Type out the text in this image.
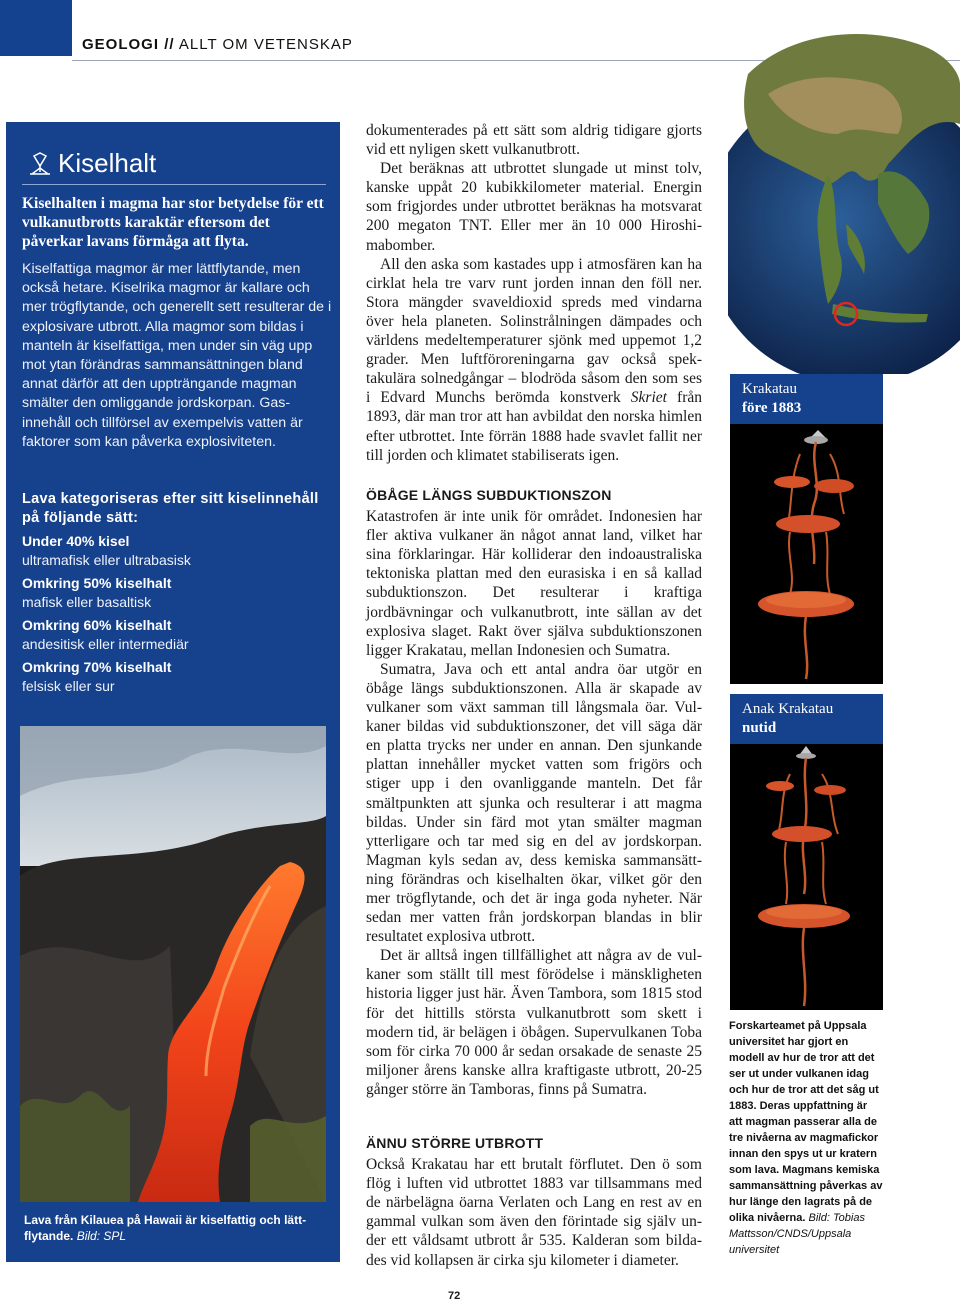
GEOLOGI // ALLT OM VETENSKAP
Kiselhalt

Kiselhalten i magma har stor betydelse för ett vulkanutbrotts karaktär eftersom det påverkar lavans förmåga att flyta.

Kiselfattiga magmor är mer lättflytande, men också hetare. Kiselrika magmor är kallare och mer trögflytande, och generellt sett resulterar de i explosivare utbrott. Alla magmor som bildas i manteln är kiselfattiga, men under sin väg upp mot ytan förändras sammansättningen bland annat därför att den uppträngande magman smälter den omliggande jordskorpan. Gasinnehåll och tillförsel av exempelvis vatten är faktorer som kan påverka explosiviteten.

Lava kategoriseras efter sitt kiselinnehåll på följande sätt:
Under 40% kisel
ultramafisk eller ultrabasisk
Omkring 50% kiselhalt
mafisk eller basaltisk
Omkring 60% kiselhalt
andesitisk eller intermediär
Omkring 70% kiselhalt
felsisk eller sur

Lava från Kilauea på Hawaii är kiselfattig och lättflytande. Bild: SPL

dokumenterades på ett sätt som aldrig tidigare gjorts vid ett nyligen skett vulkanutbrott.

Det beräknas att utbrottet slungade ut minst tolv, kanske uppåt 20 kubikkilometer material. Energin som frigjordes under utbrottet beräknas ha motsvarat 200 megaton TNT. Eller mer än 10 000 Hiroshimabomber.

All den aska som kastades upp i atmosfären kan ha cirklat hela tre varv runt jorden innan den föll ner. Stora mängder svaveldioxid spreds med vindarna över hela planeten. Solinstrålningen dämpades och världens medeltemperaturer sjönk med uppemot 1,2 grader. Men luftföroreningarna gav också spektakulära solnedgångar – blodröda såsom den som ses i Edvard Munchs berömda konstverk Skriet från 1893, där man tror att han avbildat den norska himlen efter utbrottet. Inte förrän 1888 hade svavlet fallit ner till jorden och klimatet stabiliserats igen.

ÖBÅGE LÄNGS SUBDUKTIONSZON

Katastrofen är inte unik för området. Indonesien har fler aktiva vulkaner än något annat land, vilket har sina förklaringar. Här kolliderar den indoaustraliska tektoniska plattan med den eurasiska i en så kallad subduktionszon. Det resulterar i kraftiga jordbävningar och vulkanutbrott, inte sällan av det explosiva slaget. Rakt över själva subduktionszonen ligger Krakatau, mellan Indonesien och Sumatra.

Sumatra, Java och ett antal andra öar utgör en öbåge längs subduktionszonen. Alla är skapade av vulkaner som växt samman till långsmala öar. Vulkaner bildas vid subduktionszoner, det vill säga där en platta trycks ner under en annan. Den sjunkande plattan innehåller mycket vatten som frigörs och stiger upp i den ovanliggande manteln. Det får smältpunkten att sjunka och resulterar i att magma bildas. Under sin färd mot ytan smälter magman ytterligare och tar med sig en del av jordskorpan. Magman kyls sedan av, dess kemiska sammansättning förändras och kiselhalten ökar, vilket gör den mer trögflytande, och det är inga goda nyheter. När sedan mer vatten från jordskorpan blandas in blir resultatet explosiva utbrott.

Det är alltså ingen tillfällighet att några av de vulkaner som ställt till mest förödelse i mänskligheten historia ligger just här. Även Tambora, som 1815 stod för det hittills största vulkanutbrott som skett i modern tid, är belägen i öbågen. Supervulkanen Toba som för cirka 70 000 år sedan orsakade de senaste 25 miljoner årens kanske allra kraftigaste utbrott, 20-25 gånger större än Tamboras, finns på Sumatra.

ÄNNU STÖRRE UTBROTT

Också Krakatau har ett brutalt förflutet. Den ö som flög i luften vid utbrottet 1883 var tillsammans med de närbelägna öarna Verlaten och Lang en rest av en gammal vulkan som även den förintade sig själv under ett våldsamt utbrott år 535. Kalderan som bildades vid kollapsen är cirka sju kilometer i diameter.

72
Krakatau
före 1883
Anak Krakatau
nutid

Forskarteamet på Uppsala universitet har gjort en modell av hur de tror att det ser ut under vulkanen idag och hur de tror att det såg ut 1883. Deras uppfattning är att magman passerar alla de tre nivåerna av magmafickor innan den spys ut ur kratern som lava. Magmans kemiska sammansättning påverkas av hur länge den lagrats på de olika nivåerna. Bild: Tobias Mattsson/CNDS/Uppsala universitet
